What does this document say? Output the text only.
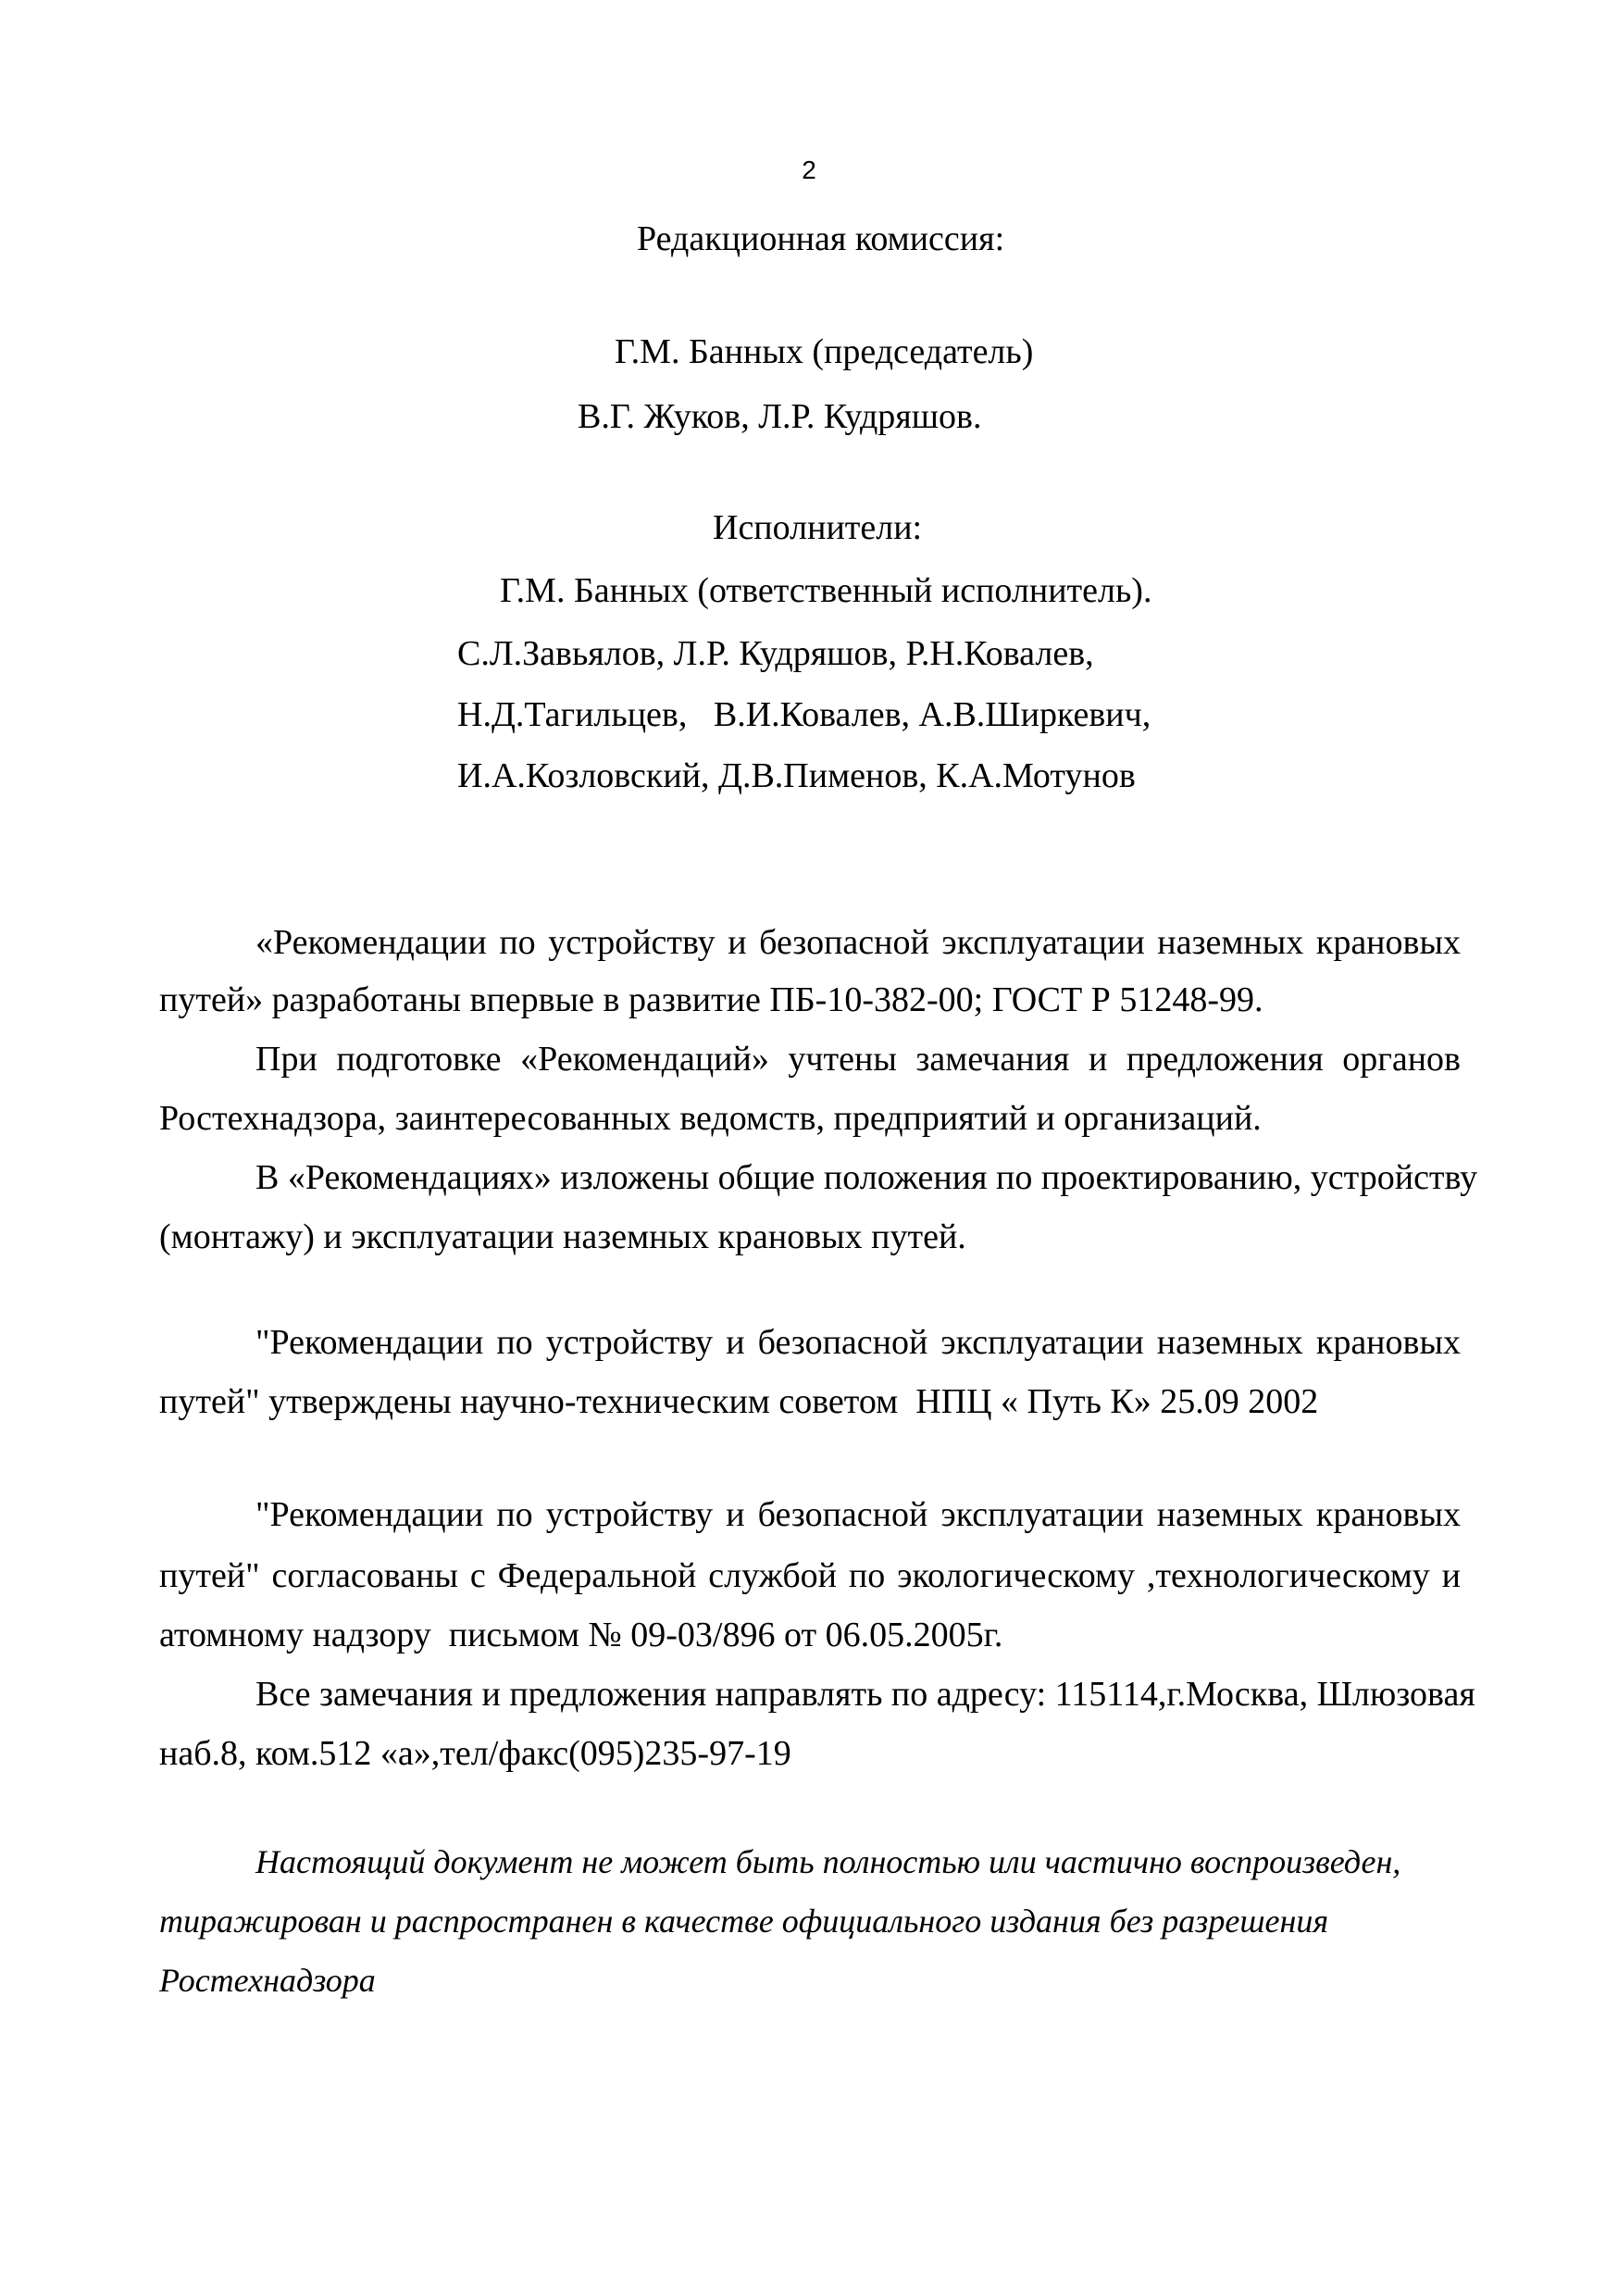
2

Редакционная комиссия:

Г.М. Банных (председатель)

В.Г. Жуков, Л.Р. Кудряшов.

Исполнители:

Г.М. Банных (ответственный исполнитель).

С.Л.Завьялов, Л.Р. Кудряшов, Р.Н.Ковалев,

Н.Д.Тагильцев,   В.И.Ковалев, А.В.Ширкевич,

И.А.Козловский, Д.В.Пименов, К.А.Мотунов

«Рекомендации по устройству и безопасной эксплуатации наземных крановых

путей» разработаны впервые в развитие ПБ-10-382-00; ГОСТ Р 51248-99.

При подготовке «Рекомендаций» учтены замечания и предложения органов

Ростехнадзора, заинтересованных ведомств, предприятий и организаций.

В «Рекомендациях» изложены общие положения по проектированию, устройству

(монтажу) и эксплуатации наземных крановых путей.

"Рекомендации по устройству и безопасной эксплуатации наземных крановых

путей" утверждены научно-техническим советом  НПЦ « Путь К» 25.09 2002

"Рекомендации по устройству и безопасной эксплуатации наземных крановых

путей" согласованы с Федеральной службой по экологическому ,технологическому и

атомному надзору  письмом № 09-03/896 от 06.05.2005г.

Все замечания и предложения направлять по адресу: 115114,г.Москва, Шлюзовая

наб.8, ком.512 «а»,тел/факс(095)235-97-19

Настоящий документ не может быть полностью или частично воспроизведен,

тиражирован и распространен в качестве официального издания без разрешения

Ростехнадзора
